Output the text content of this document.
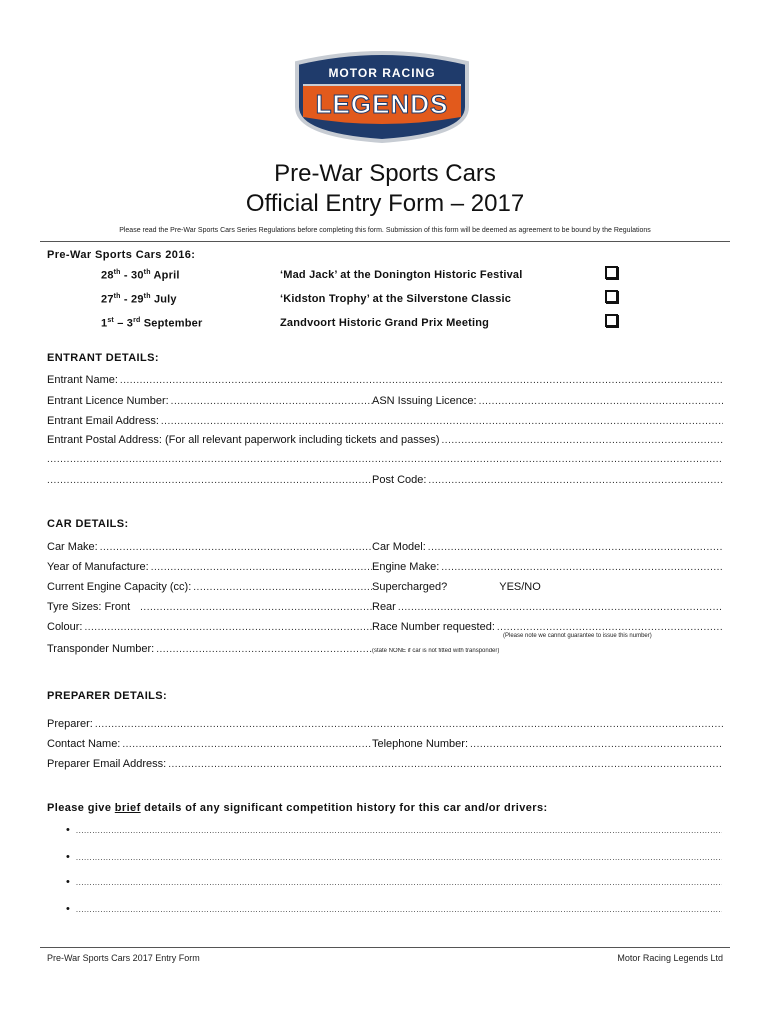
MOTOR RACING
LEGENDS
Pre-War Sports Cars
Official Entry Form – 2017
Please read the Pre-War Sports Cars Series Regulations before completing this form. Submission of this form will be deemed as agreement to be bound by the Regulations
Pre-War Sports Cars 2016:
28th - 30th April	‘Mad Jack’ at the Donington Historic Festival
27th - 29th July	‘Kidston Trophy’ at the Silverstone Classic
1st – 3rd September	Zandvoort Historic Grand Prix Meeting
ENTRANT DETAILS:
Entrant Name:
.....
Entrant Licence Number: .....	ASN Issuing Licence:
.....
Entrant Email Address:
.....
Entrant Postal Address: (For all relevant paperwork including tickets and passes)
.....
.....
.....
Post Code:
.....
CAR DETAILS:
Car Make: .....	Car Model:
.....
Year of Manufacture: .....	Engine Make:
.....
Current Engine Capacity (cc): .....	Supercharged?	YES/NO
Tyre Sizes: Front .....	Rear
.....
Colour: .....	Race Number requested:
.....
(Please note we cannot guarantee to issue this number)
Transponder Number: .....	(state NONE if car is not fitted with transponder)
PREPARER DETAILS:
Preparer:
.....
Contact Name: .....	Telephone Number:
.....
Preparer Email Address:
.....
Please give brief details of any significant competition history for this car and/or drivers:
•
.....
•
.....
•
.....
•
.....
Pre-War Sports Cars 2017 Entry Form	Motor Racing Legends Ltd
